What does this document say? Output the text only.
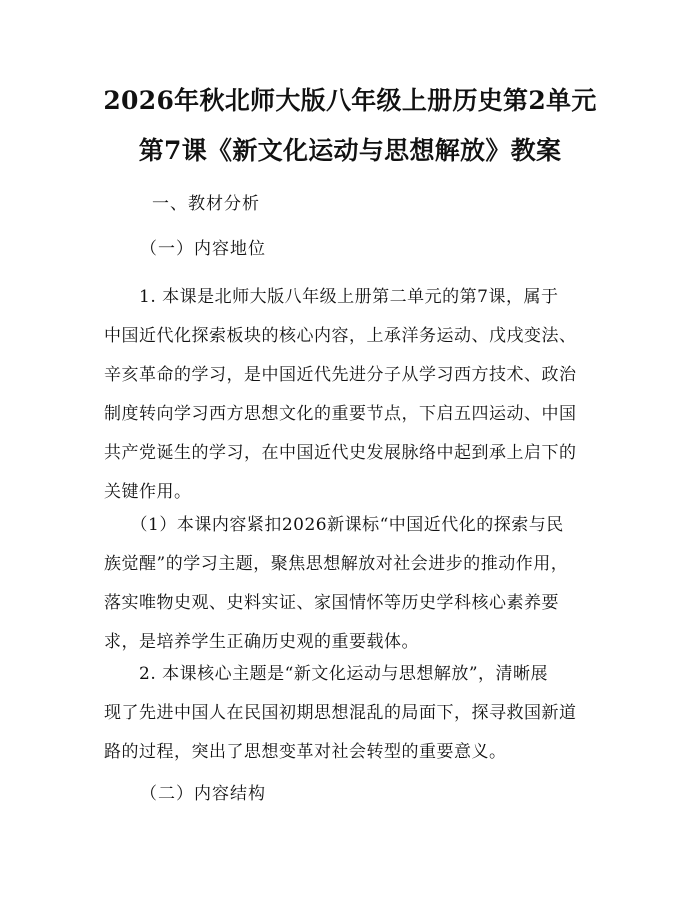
2026年秋北师大版八年级上册历史第2单元
第7课《新文化运动与思想解放》教案
一、教材分析
（一）内容地位
　　1. 本课是北师大版八年级上册第二单元的第7课，属于
中国近代化探索板块的核心内容，上承洋务运动、戊戌变法、
辛亥革命的学习，是中国近代先进分子从学习西方技术、政治
制度转向学习西方思想文化的重要节点，下启五四运动、中国
共产党诞生的学习，在中国近代史发展脉络中起到承上启下的
关键作用。
　　（1）本课内容紧扣2026新课标“中国近代化的探索与民
族觉醒”的学习主题，聚焦思想解放对社会进步的推动作用，
落实唯物史观、史料实证、家国情怀等历史学科核心素养要
求，是培养学生正确历史观的重要载体。
　　2. 本课核心主题是“新文化运动与思想解放”，清晰展
现了先进中国人在民国初期思想混乱的局面下，探寻救国新道
路的过程，突出了思想变革对社会转型的重要意义。
（二）内容结构
